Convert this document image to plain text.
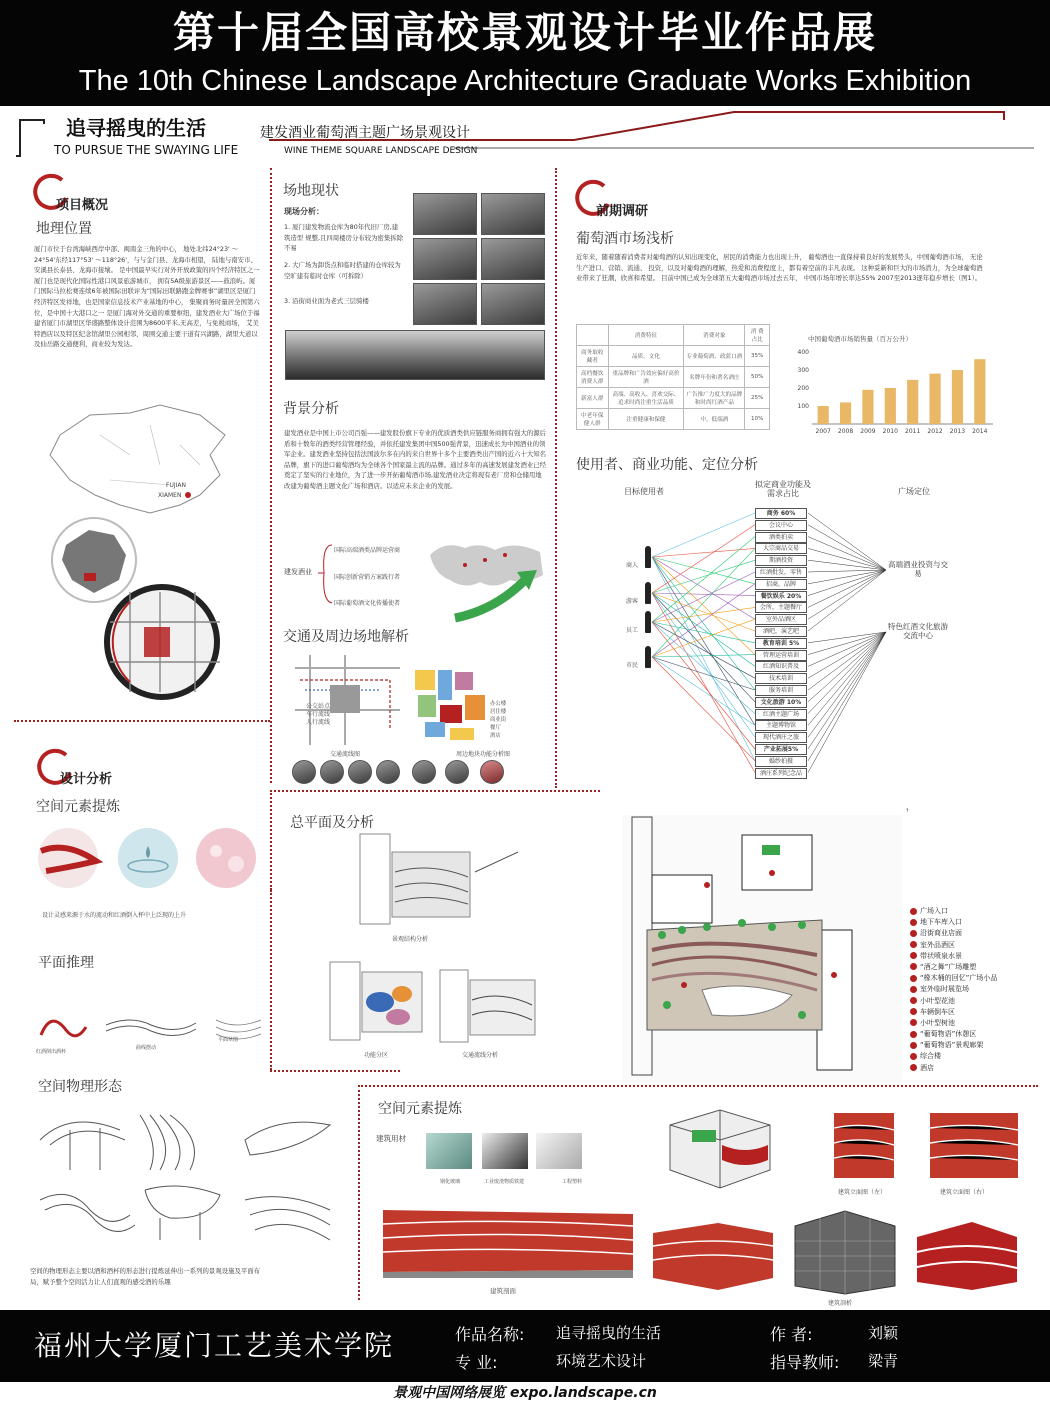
第十届全国高校景观设计毕业作品展
The 10th Chinese Landscape Architecture Graduate Works Exhibition
追寻摇曳的生活	建发酒业葡萄酒主题广场景观设计
TO PURSUE THE SWAYING LIFE	WINE THEME SQUARE LANDSCAPE DESIGN
项目概况
地理位置
厦门市位于台湾海峡西岸中部、闽南金三角的中心， 地处北纬24°23' ～24°54'东经117°53' ～118°26'，与与金门县、龙海市相望， 陆地与南安市、安溪县长泰县、龙海市接壤。 是中国最早实行对外开放政策的四个经济特区之一厦门也是现代化国际性港口风景旅游城市， 拥有5A级旅游景区——鼓浪屿。厦门国际马拉松赛连续6年被国际田联评为“国际田联路跑金牌赛事”湖里区是厦门经济特区发祥地，也是国家信息技术产业基地的中心， 集聚商务时量居全国第六位，是中国十大港口之一 是厦门海对外交通的重要枢纽，建发酒业大广场位于福建省厦门市湖里区华盛路整体设计范围为8600平米,无高差，与免税商场， 艾美特酒店以及特区纪念馆湖里公园相邻，周围交通主要干道有兴湖路，湖里大道以及仙岳路交通便利，商业较为发达。
FUJIAN
XIAMEN
场地现状
现场分析：
1. 厦门建发物流仓库为80年代旧厂房,建筑造型 规整,且四周楼房分布较为密集拆除不易
2. 大广场为卸货点和临时搭建的仓库较为空旷建有临时仓库（可拆除）
3. 沿街商业面为老式三层骑楼
背景分析
建发酒业是中国上市公司百强——建发股份旗下专业的优质酒类供应链服务商拥有强大的源后盾和十数年的酒类经营管理经验，并依托建发集团中国500强背景，迅速成长为中国酒业的领军企业。建发酒业坚持包括法国波尔多在内的来自世界十多个主要酒类出产国的近六十大知名品牌，旗下的进口葡萄酒均为全球各个国家最主流的品牌。通过多年的高速发展建发酒业已经奠定了坚实的行业地位，为了进一步开拓葡萄酒市场,建发酒业决定将现有老厂房和仓储用地改建为葡萄酒主题文化广场和酒店。以适应未来企业的发展。
建发酒业
国际高端酒类品牌运营商
国际创新营销方案践行者
国际葡萄酒文化传播使者
交通及周边场地解析
公交站点
车行流线
人行流线
办公楼
居住楼
商业街
餐厅
酒店
交通流线图	周边地块功能分析图
前期调研
葡萄酒市场浅析
近年来，随着随着消费者对葡萄酒的认知出现变化，居民的消费能力也出现上升， 葡萄酒也一直保持着良好的发展势头，中国葡萄酒市场， 无论生产进口、营销、流通、 投资，以及对葡萄酒的理解，热爱和消费程度上，都有着空前的丰凡表现。 这种妥新和巨大的市场潜力，为全球葡萄酒业带来了狂潮，欣喜和希望。 目前中国已成为全球第五大葡萄酒市场过去五年， 中国市场年增长率达55% 2007至2013逐年稳步增长（图1）。
	消费特征	消费对象	消 费 占比
商务取收藏者	品质、文化	专业葡萄酒、政蓝口酒	35%
高档餐饮消费人群	重品牌和广告效应偏好高价酒	名牌年份和著名酒庄	50%
新富人群	高端、高收入、喜欢交际、追求时尚注重生活品质	广告推广力度大的品牌和时尚红酒产品	25%
中老年保健人群	注重健康和保健	中、低端酒	10%
中国葡萄酒市场销售量（百万公升）
400
300
200
100
2007 2008 2009 2010 2011 2012 2013 2014
使用者、商业功能、定位分析
目标使用者
拟定商业功能及需求占比	广场定位
商人
游客
员工
市民
商务 60%
会议中心
酒类拍卖
大宗商品交易
期酒投资
红酒批发，零售
招商，品牌
餐饮娱乐 20%
会所，主题餐厅
室外品酒区
酒吧，演艺吧
教育培训 5%
管理运营培训
红酒知识普及
技术培训
服务培训
文化旅游 10%
红酒主题广场
主题博物馆
现代酒庄之旅
产业拓展5%
婚纱拍摄
酒庄系列纪念品
高端酒业投资与交易
特色红酒文化旅游交流中心
设计分析
空间元素提炼
设计灵感来源于水的流动和红酒倒入杯中上泛现的上升
平面推理
红酒倒出酒杯
曲线摆动
平面草图
空间物理形态
空间的物理形态主要以酒和酒杯的形态进行提炼延伸出一系列的景观设施及平面布局，赋予整个空间活力让人们直观的感受酒的乐趣
总平面及分析
景观结构分析
功能分区	交通流线分析
↑
广场入口
地下车库入口
沿街商业店面
室外品酒区
带状喷泉水景
“酒之舞”广场雕塑
“橡木桶的回忆”广场小品
室外临时展览场
小叶型花池
车辆倒车区
小叶型树池
“葡萄物语”休憩区
“葡萄物语”景观廊架
综合楼
酒店
空间元素提炼
建筑用材
钢化玻璃	工业废渣物质铁建	工程塑料
建筑剖面
建筑立面图（左）	建筑立面图（右）
建筑剖析
福州大学厦门工艺美术学院	作品名称: 追寻摇曳的生活
专 业:	环境艺术设计
作 者:	刘颖
指导教师: 梁青
景观中国网络展览 expo.landscape.cn
